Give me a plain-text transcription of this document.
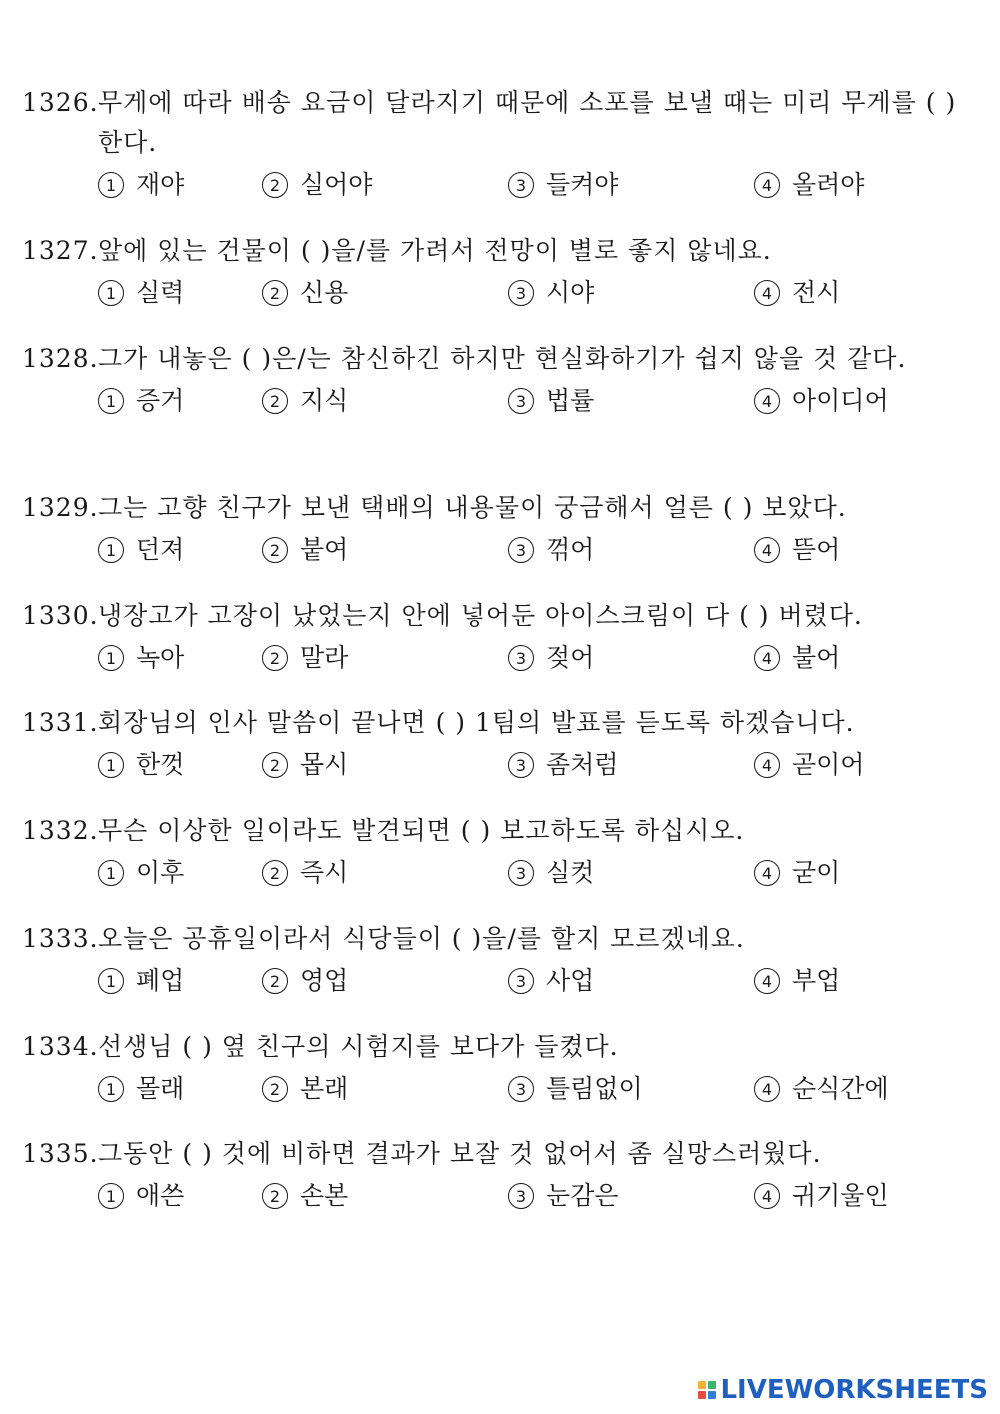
1326. 무게에 따라 배송 요금이 달라지기 때문에 소포를 보낼 때는 미리 무게를 ( ) 한다.
1 재야	2 실어야	3 들켜야	4 올려야
1327. 앞에 있는 건물이 ( )을/를 가려서 전망이 별로 좋지 않네요.
1 실력	2 신용	3 시야	4 전시
1328. 그가 내놓은 ( )은/는 참신하긴 하지만 현실화하기가 쉽지 않을 것 같다.
1 증거	2 지식	3 법률	4 아이디어
1329. 그는 고향 친구가 보낸 택배의 내용물이 궁금해서 얼른 ( ) 보았다.
1 던져	2 붙여	3 꺾어	4 뜯어
1330. 냉장고가 고장이 났었는지 안에 넣어둔 아이스크림이 다 ( ) 버렸다.
1 녹아	2 말라	3 젖어	4 불어
1331. 회장님의 인사 말씀이 끝나면 ( ) 1팀의 발표를 듣도록 하겠습니다.
1 한껏	2 몹시	3 좀처럼	4 곧이어
1332. 무슨 이상한 일이라도 발견되면 ( ) 보고하도록 하십시오.
1 이후	2 즉시	3 실컷	4 굳이
1333. 오늘은 공휴일이라서 식당들이 ( )을/를 할지 모르겠네요.
1 폐업	2 영업	3 사업	4 부업
1334. 선생님 ( ) 옆 친구의 시험지를 보다가 들켰다.
1 몰래	2 본래	3 틀림없이	4 순식간에
1335. 그동안 ( ) 것에 비하면 결과가 보잘 것 없어서 좀 실망스러웠다.
1 애쓴	2 손본	3 눈감은	4 귀기울인
LIVEWORKSHEETS
